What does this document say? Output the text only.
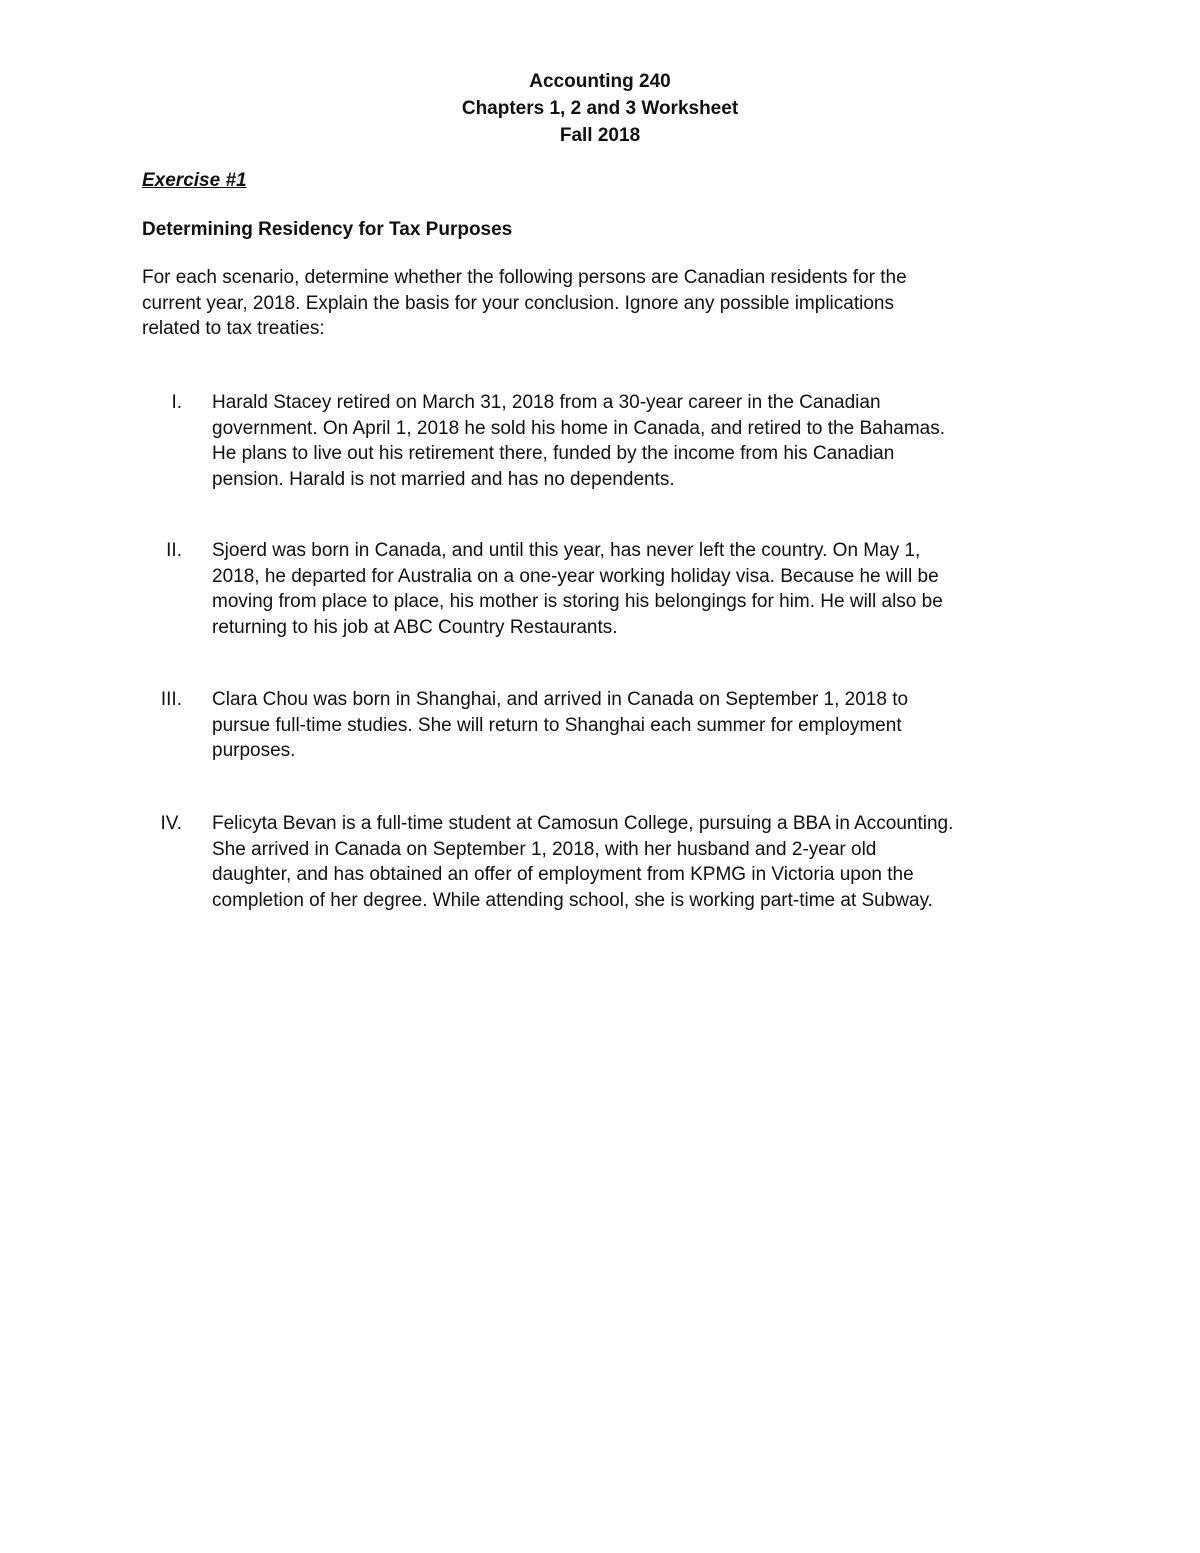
Accounting 240
Chapters 1, 2 and 3 Worksheet
Fall 2018
Exercise #1
Determining Residency for Tax Purposes
For each scenario, determine whether the following persons are Canadian residents for the
current year, 2018. Explain the basis for your conclusion. Ignore any possible implications
related to tax treaties:
I. Harald Stacey retired on March 31, 2018 from a 30-year career in the Canadian
government. On April 1, 2018 he sold his home in Canada, and retired to the Bahamas.
He plans to live out his retirement there, funded by the income from his Canadian
pension. Harald is not married and has no dependents.
II. Sjoerd was born in Canada, and until this year, has never left the country. On May 1,
2018, he departed for Australia on a one-year working holiday visa. Because he will be
moving from place to place, his mother is storing his belongings for him. He will also be
returning to his job at ABC Country Restaurants.
III. Clara Chou was born in Shanghai, and arrived in Canada on September 1, 2018 to
pursue full-time studies. She will return to Shanghai each summer for employment
purposes.
IV. Felicyta Bevan is a full-time student at Camosun College, pursuing a BBA in Accounting.
She arrived in Canada on September 1, 2018, with her husband and 2-year old
daughter, and has obtained an offer of employment from KPMG in Victoria upon the
completion of her degree. While attending school, she is working part-time at Subway.
